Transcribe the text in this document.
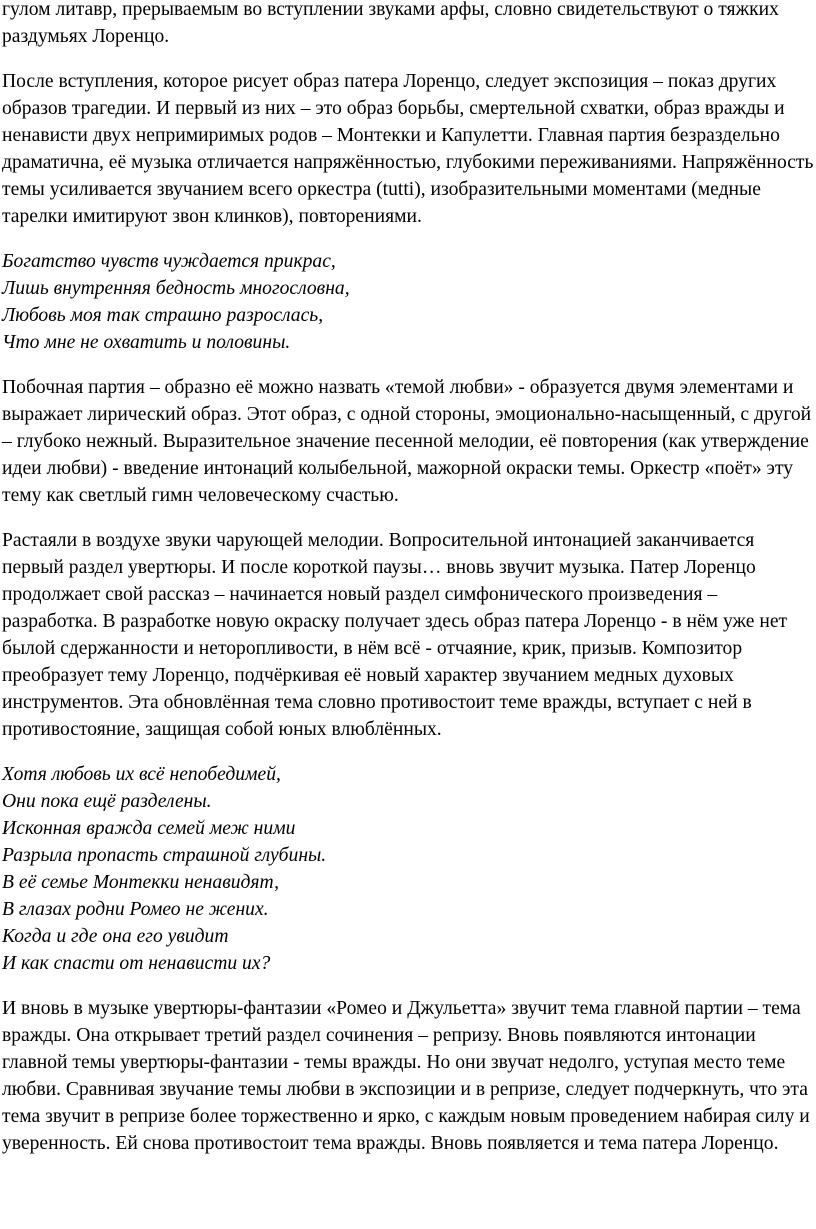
гулом литавр, прерываемым во вступлении звуками арфы, словно свидетельствуют о тяжких раздумьях Лоренцо.

После вступления, которое рисует образ патера Лоренцо, следует экспозиция – показ других образов трагедии. И первый из них – это образ борьбы, смертельной схватки, образ вражды и ненависти двух непримиримых родов – Монтекки и Капулетти. Главная партия безраздельно драматична, её музыка отличается напряжённостью, глубокими переживаниями. Напряжённость темы усиливается звучанием всего оркестра (tutti), изобразительными моментами (медные тарелки имитируют звон клинков), повторениями.

Богатство чувств чуждается прикрас,
Лишь внутренняя бедность многословна,
Любовь моя так страшно разрослась,
Что мне не охватить и половины.

Побочная партия – образно её можно назвать «темой любви» - образуется двумя элементами и выражает лирический образ. Этот образ, с одной стороны, эмоционально-насыщенный, с другой – глубоко нежный. Выразительное значение песенной мелодии, её повторения (как утверждение идеи любви) - введение интонаций колыбельной, мажорной окраски темы. Оркестр «поёт» эту тему как светлый гимн человеческому счастью.

Растаяли в воздухе звуки чарующей мелодии. Вопросительной интонацией заканчивается первый раздел увертюры. И после короткой паузы… вновь звучит музыка. Патер Лоренцо продолжает свой рассказ – начинается новый раздел симфонического произведения – разработка. В разработке новую окраску получает здесь образ патера Лоренцо - в нём уже нет былой сдержанности и неторопливости, в нём всё - отчаяние, крик, призыв. Композитор преобразует тему Лоренцо, подчёркивая её новый характер звучанием медных духовых инструментов. Эта обновлённая тема словно противостоит теме вражды, вступает с ней в противостояние, защищая собой юных влюблённых.

Хотя любовь их всё непобедимей,
Они пока ещё разделены.
Исконная вражда семей меж ними
Разрыла пропасть страшной глубины.
В её семье Монтекки ненавидят,
В глазах родни Ромео не жених.
Когда и где она его увидит
И как спасти от ненависти их?

И вновь в музыке увертюры-фантазии «Ромео и Джульетта» звучит тема главной партии – тема вражды. Она открывает третий раздел сочинения – репризу. Вновь появляются интонации главной темы увертюры-фантазии - темы вражды. Но они звучат недолго, уступая место теме любви. Сравнивая звучание темы любви в экспозиции и в репризе, следует подчеркнуть, что эта тема звучит в репризе более торжественно и ярко, с каждым новым проведением набирая силу и уверенность. Ей снова противостоит тема вражды. Вновь появляется и тема патера Лоренцо.
